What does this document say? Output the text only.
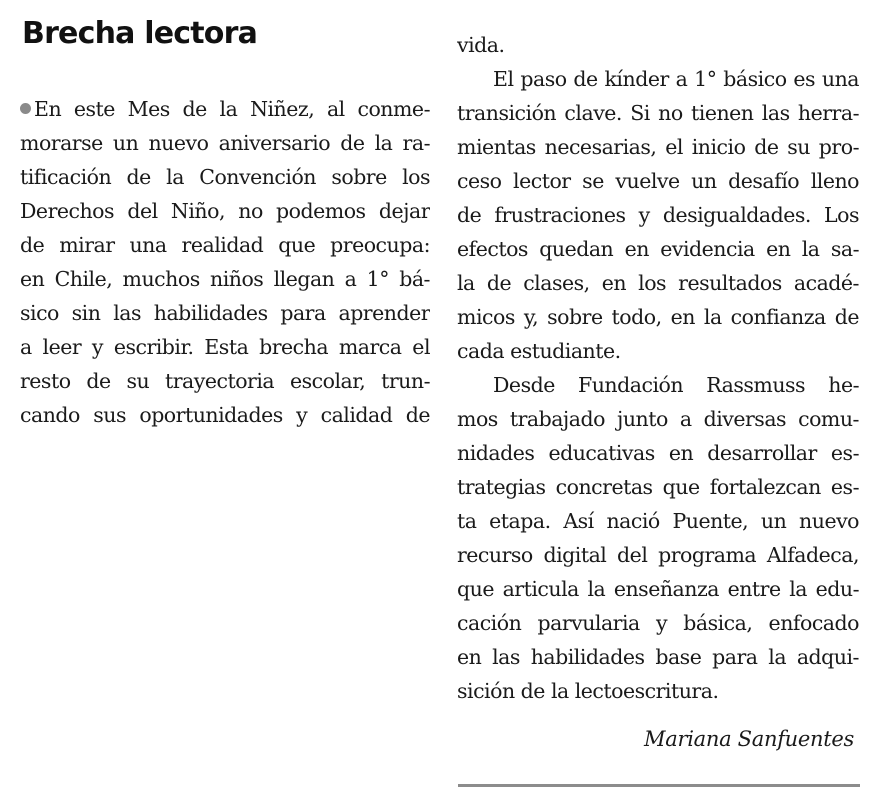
Brecha lectora
En este Mes de la Niñez, al conme-
morarse un nuevo aniversario de la ra-
tificación de la Convención sobre los
Derechos del Niño, no podemos dejar
de mirar una realidad que preocupa:
en Chile, muchos niños llegan a 1° bá-
sico sin las habilidades para aprender
a leer y escribir. Esta brecha marca el
resto de su trayectoria escolar, trun-
cando sus oportunidades y calidad de
vida.
El paso de kínder a 1° básico es una
transición clave. Si no tienen las herra-
mientas necesarias, el inicio de su pro-
ceso lector se vuelve un desafío lleno
de frustraciones y desigualdades. Los
efectos quedan en evidencia en la sa-
la de clases, en los resultados acadé-
micos y, sobre todo, en la confianza de
cada estudiante.
Desde Fundación Rassmuss he-
mos trabajado junto a diversas comu-
nidades educativas en desarrollar es-
trategias concretas que fortalezcan es-
ta etapa. Así nació Puente, un nuevo
recurso digital del programa Alfadeca,
que articula la enseñanza entre la edu-
cación parvularia y básica, enfocado
en las habilidades base para la adqui-
sición de la lectoescritura.

Mariana Sanfuentes
